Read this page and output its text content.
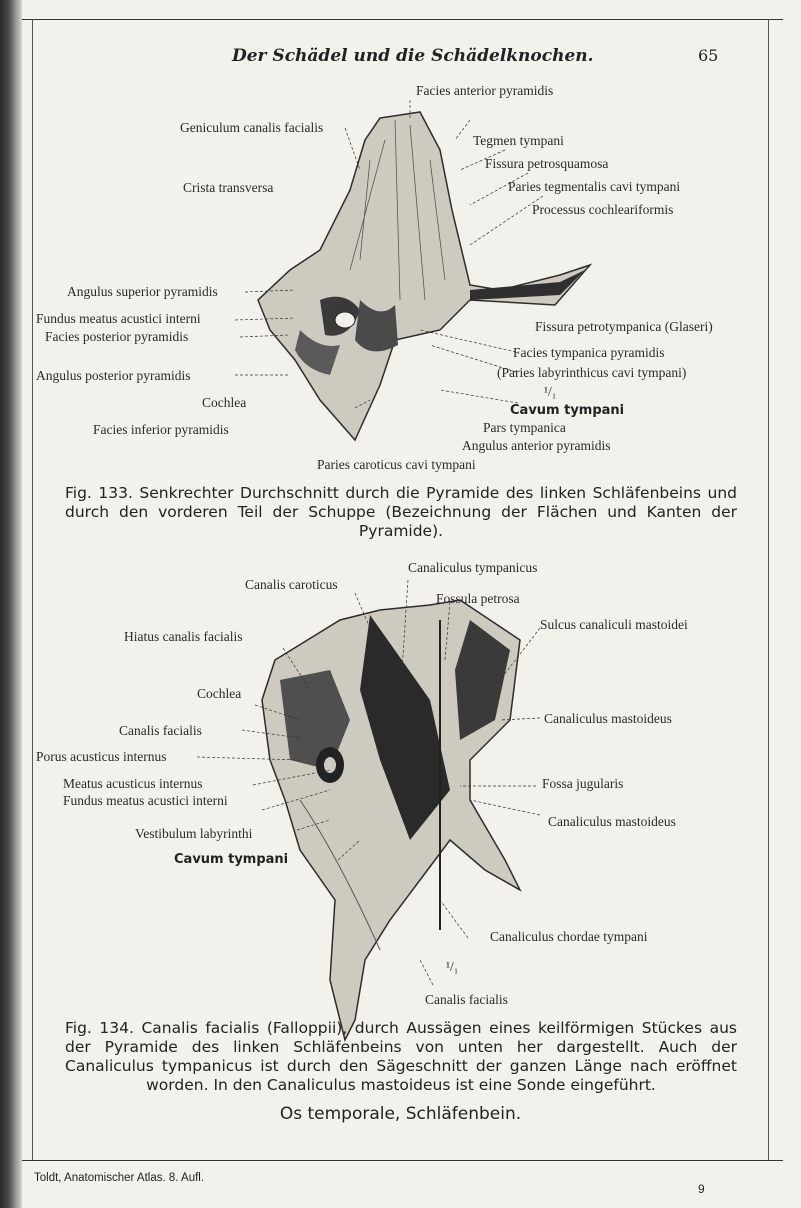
Der Schädel und die Schädelknochen.	65
Facies anterior pyramidis
Geniculum canalis facialis
Tegmen tympani
Fissura petrosquamosa
Crista transversa	Paries tegmentalis cavi tympani
Processus cochleariformis
Angulus superior pyramidis
Fundus meatus acustici interni
Fissura petrotympanica (Glaseri)
Facies posterior pyramidis
Facies tympanica pyramidis
Angulus posterior pyramidis	(Paries labyrinthicus cavi tympani)
¹/₁
Cochlea
Cavum tympani
Facies inferior pyramidis	Pars tympanica
Angulus anterior pyramidis
Paries caroticus cavi tympani
Fig. 133. Senkrechter Durchschnitt durch die Pyramide des linken Schläfenbeins und durch den vorderen Teil der Schuppe (Bezeichnung der Flächen und Kanten der Pyramide).
Canaliculus tympanicus
Canalis caroticus
Fossula petrosa
Sulcus canaliculi mastoidei
Hiatus canalis facialis
Cochlea
Canaliculus mastoideus
Canalis facialis
Porus acusticus internus
Meatus acusticus internus	Fossa jugularis
Fundus meatus acustici interni
Vestibulum labyrinthi
Canaliculus mastoideus
Cavum tympani
Canaliculus chordae tympani
¹/₁
Canalis facialis
Fig. 134. Canalis facialis (Falloppii), durch Aussägen eines keilförmigen Stückes aus der Pyramide des linken Schläfenbeins von unten her dargestellt. Auch der Canaliculus tympanicus ist durch den Sägeschnitt der ganzen Länge nach eröffnet worden. In den Canaliculus mastoideus ist eine Sonde eingeführt.
Os temporale, Schläfenbein.
Toldt, Anatomischer Atlas. 8. Aufl.
9
